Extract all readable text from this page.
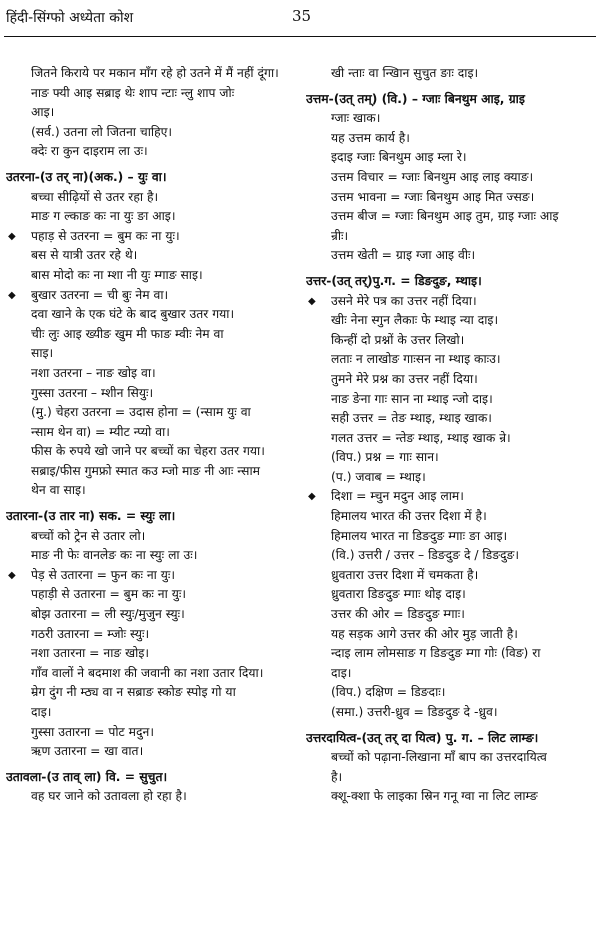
हिंदी-सिंग्फो अध्येता कोश	35
जितने किराये पर मकान माँग रहे हो उतने में मैं नहीं दूंगा।
नाङ फ्यी आइ सब्राइ थेः शाप न्टाः न्लु शाप जोः
आइ।
(सर्व.) उतना लो जितना चाहिए।
क्देः रा कुन दाइराम ला उः।
उतरना-(उ तर् ना)(अक.) – युः वा।
बच्चा सीढ़ियों से उतर रहा है।
माङ ग ल्काङ कः ना युः ङा आइ।
◆ पहाड़ से उतरना = बुम कः ना युः।
बस से यात्री उतर रहे थे।
बास मोदो कः ना म्शा नी युः म्गाङ साइ।
◆ बुखार उतरना = ची बुः नेम वा।
दवा खाने के एक घंटे के बाद बुखार उतर गया।
चीः लुः आइ ख्यीङ खुम मी फाङ म्वीः नेम वा
साइ।
नशा उतरना – नाङ खोइ वा।
गुस्सा उतरना – म्शीन सियुः।
(मु.) चेहरा उतरना = उदास होना = (न्साम युः वा
न्साम थेन वा) = म्यीट न्प्यो वा।
फीस के रुपये खो जाने पर बच्चों का चेहरा उतर गया।
सब्राइ/फीस गुमफ्रो स्मात कउ म्जो माङ नी आः न्साम
थेन वा साइ।
उतारना-(उ तार ना) सक. = स्युः ला।
बच्चों को ट्रेन से उतार लो।
माङ नी फेः वानलेङ कः ना स्युः ला उः।
◆ पेड़ से उतारना = फुन कः ना युः।
पहाड़ी से उतारना = बुम कः ना युः।
बोझ उतारना = ली स्युः/मुजुन स्युः।
गठरी उतारना = म्जोः स्युः।
नशा उतारना = नाङ खोइ।
गाँव वालों ने बदमाश की जवानी का नशा उतार दिया।
म्रेग दुंग नी म्ठ्य वा न सब्राङ स्कोङ स्पोइ गो या
दाइ।
गुस्सा उतारना = पोट मदुन।
ऋण उतारना = खा वात।
उतावला-(उ ताव् ला) वि. = सुचुत।
वह घर जाने को उतावला हो रहा है।
खी न्ताः वा न्खिान सुचुत ङाः दाइ।
उत्तम-(उत् तम्) (वि.) – ग्जाः बिनथुम आइ, ग्राइ
ग्जाः खाक।
यह उत्तम कार्य है।
इदाइ ग्जाः बिनथुम आइ म्ला रे।
उत्तम विचार = ग्जाः बिनथुम आइ लाइ क्याङ।
उत्तम भावना = ग्जाः बिनथुम आइ मित ज्सङ।
उत्तम बीज = ग्जाः बिनथुम आइ तुम, ग्राइ ग्जाः आइ
न्रीः।
उत्तम खेती = ग्राइ ग्जा आइ वीः।
उत्तर-(उत् तर्)पु.ग. = डिङदुङ, म्थाइ।
◆ उसने मेरे पत्र का उत्तर नहीं दिया।
खीः नेना स्गुन लैकाः फे म्थाइ न्या दाइ।
किन्हीं दो प्रश्नों के उत्तर लिखो।
लताः न लाखोङ गाःसन ना म्थाइ काःउ।
तुमने मेरे प्रश्न का उत्तर नहीं दिया।
नाङ ङेना गाः सान ना म्थाइ न्जो दाइ।
सही उत्तर = तेङ म्थाइ, म्थाइ खाक।
गलत उत्तर = न्तेङ म्थाइ, म्थाइ खाक न्रे।
(विप.) प्रश्न = गाः सान।
(प.) जवाब = म्थाइ।
◆ दिशा = म्चुन मदुन आइ लाम।
हिमालय भारत की उत्तर दिशा में है।
हिमालय भारत ना डिङदुङ म्गाः ङा आइ।
(वि.) उत्तरी / उत्तर – डिङदुङ दे / डिङदुङ।
ध्रुवतारा उत्तर दिशा में चमकता है।
ध्रुवतारा डिङदुङ म्गाः थोइ दाइ।
उत्तर की ओर = डिङदुङ म्गाः।
यह सड़क आगे उत्तर की ओर मुड़ जाती है।
न्दाइ लाम लोमसाङ ग डिङदुङ म्गा गोः (विङ) रा
दाइ।
(विप.) दक्षिण = डिङदाः।
(समा.) उत्तरी-ध्रुव = डिङदुङ दे -ध्रुव।
उत्तरदायित्व-(उत् तर् दा यित्व) पु. ग. – लिट लाम्ङ।
बच्चों को पढ़ाना-लिखाना माँ बाप का उत्तरदायित्व
है।
क्शू-क्शा फे लाइका स्रिन गनू ग्वा ना लिट लाम्ङ
